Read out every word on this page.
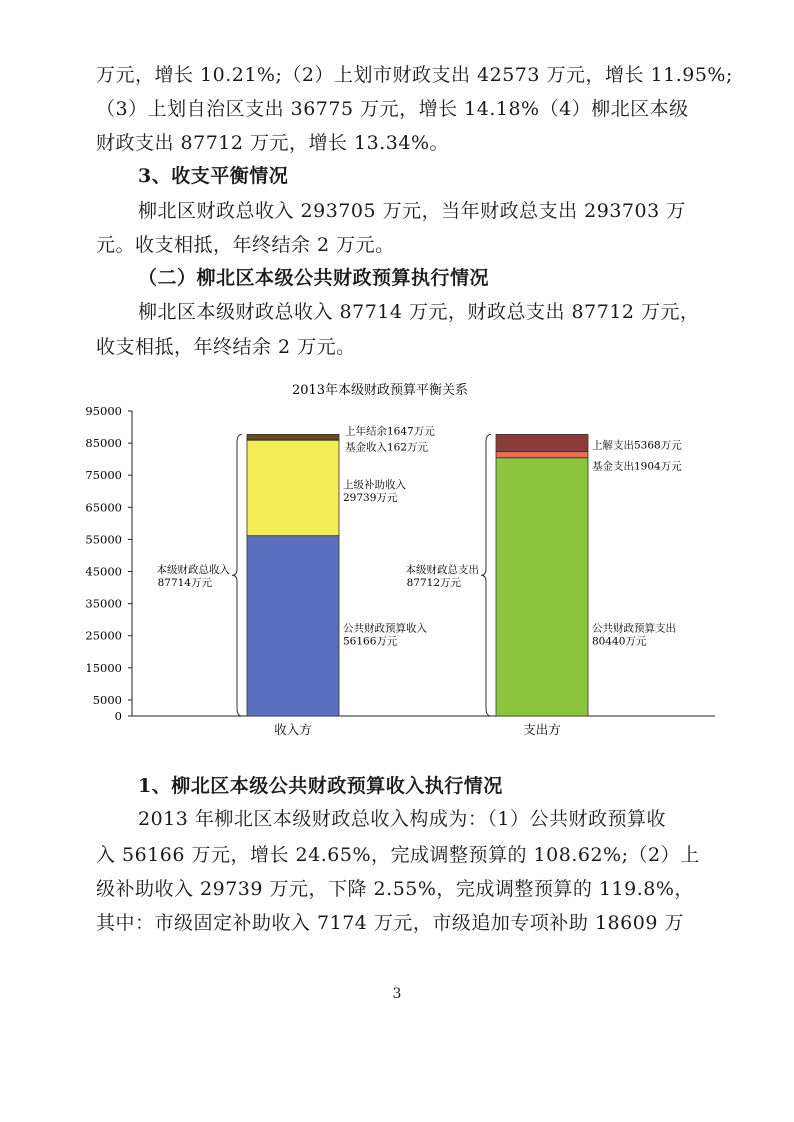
万元，增长 10.21%;（2）上划市财政支出 42573 万元，增长 11.95%;
（3）上划自治区支出 36775 万元，增长 14.18%（4）柳北区本级
财政支出 87712 万元，增长 13.34%。
3、收支平衡情况
柳北区财政总收入 293705 万元，当年财政总支出 293703 万
元。收支相抵，年终结余 2 万元。
（二）柳北区本级公共财政预算执行情况
柳北区本级财政总收入 87714 万元，财政总支出 87712 万元，
收支相抵，年终结余 2 万元。
2013年本级财政预算平衡关系
0
5000
15000
25000
35000
45000
55000
65000
75000
85000
95000
收入方
公共财政预算收入
56166万元
上级补助收入
29739万元
上年结余1647万元
基金收入162万元
本级财政总收入
87714万元
支出方
公共财政预算支出
80440万元
上解支出5368万元
基金支出1904万元
本级财政总支出
87712万元
1、柳北区本级公共财政预算收入执行情况
2013 年柳北区本级财政总收入构成为：（1）公共财政预算收
入 56166 万元，增长 24.65%，完成调整预算的 108.62%;（2）上
级补助收入 29739 万元，下降 2.55%，完成调整预算的 119.8%，
其中：市级固定补助收入 7174 万元，市级追加专项补助 18609 万
3
